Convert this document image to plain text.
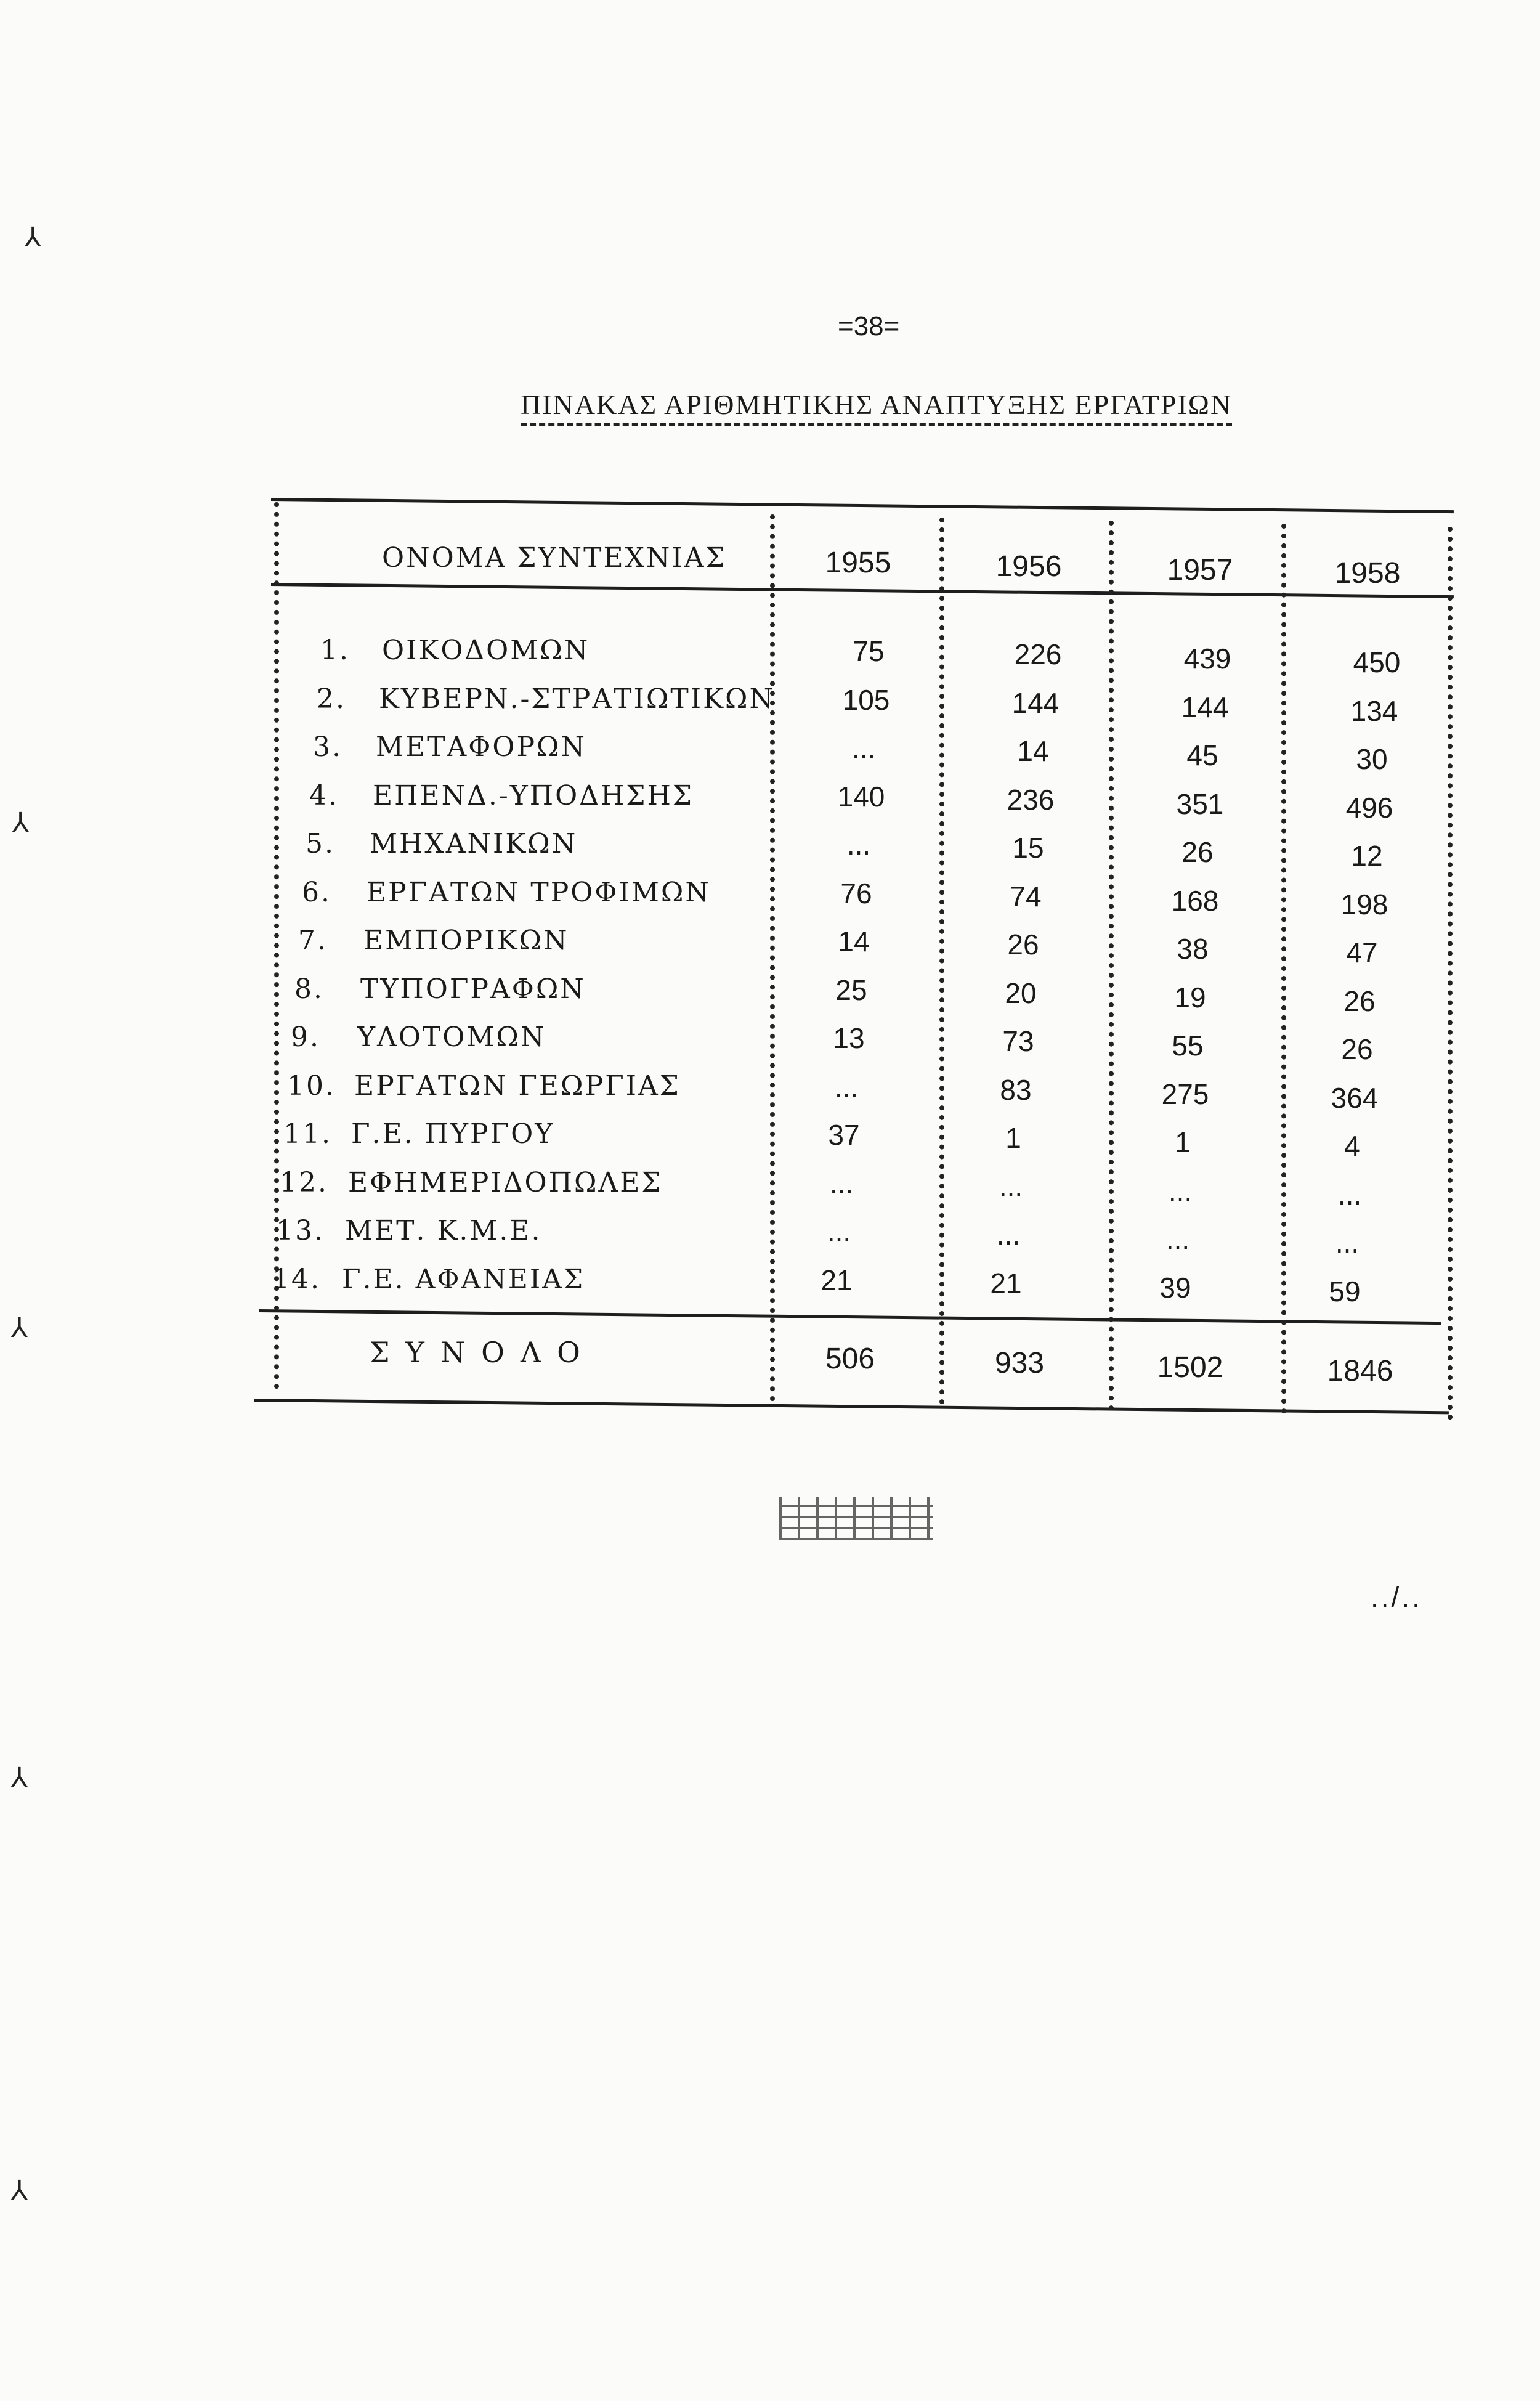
=38=
ΠΙΝΑΚΑΣ ΑΡΙΘΜΗΤΙΚΗΣ ΑΝΑΠΤΥΞΗΣ ΕΡΓΑΤΡΙΩΝ
ΟΝΟΜΑ ΣΥΝΤΕΧΝΙΑΣ	1955	1956	1957	1958
1. ΟΙΚΟΔΟΜΩΝ	75	226	439	450
2. ΚΥΒΕΡΝ.-ΣΤΡΑΤΙΩΤΙΚΩΝ	105	144	144	134
3. ΜΕΤΑΦΟΡΩΝ	...	14	45	30
4. ΕΠΕΝΔ.-ΥΠΟΔΗΣΗΣ	140	236	351	496
5. ΜΗΧΑΝΙΚΩΝ	...	15	26	12
6. ΕΡΓΑΤΩΝ ΤΡΟΦΙΜΩΝ	76	74	168	198
7. ΕΜΠΟΡΙΚΩΝ	14	26	38	47
8. ΤΥΠΟΓΡΑΦΩΝ	25	20	19	26
9. ΥΛΟΤΟΜΩΝ	13	73	55	26
10. ΕΡΓΑΤΩΝ ΓΕΩΡΓΙΑΣ	...	83	275	364
11. Γ.Ε. ΠΥΡΓΟΥ	37	1	1	4
12. ΕΦΗΜΕΡΙΔΟΠΩΛΕΣ	...	...	...	...
13. ΜΕΤ. Κ.Μ.Ε.	...	...	...	...
14. Γ.Ε. ΑΦΑΝΕΙΑΣ	21	21	39	59
ΣΥΝΟΛΟ	506	933	1502	1846
../..
⅄
⅄
⅄
⅄
⅄
